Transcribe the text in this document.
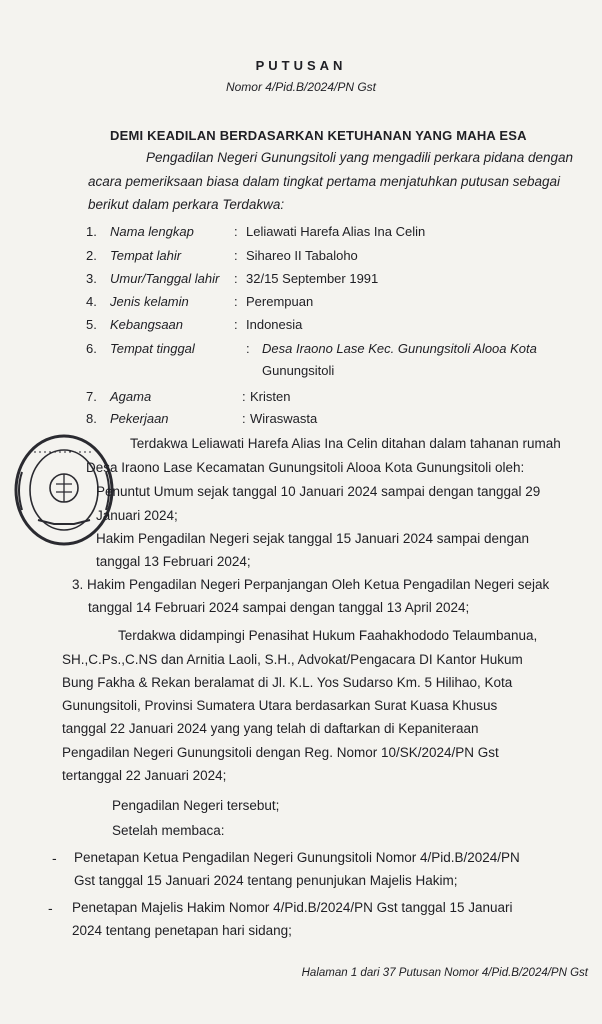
PUTUSAN
Nomor 4/Pid.B/2024/PN Gst
DEMI KEADILAN BERDASARKAN KETUHANAN YANG MAHA ESA
Pengadilan Negeri Gunungsitoli yang mengadili perkara pidana dengan
acara pemeriksaan biasa dalam tingkat pertama menjatuhkan putusan sebagai
berikut dalam perkara Terdakwa:
1.	Nama lengkap	: Leliawati Harefa Alias Ina Celin
2.	Tempat lahir	: Sihareo II Tabaloho
3.	Umur/Tanggal lahir : 32/15 September 1991
4.	Jenis kelamin	: Perempuan
5.	Kebangsaan	: Indonesia
6.	Tempat tinggal	: Desa Iraono Lase Kec. Gunungsitoli Alooa Kota
Gunungsitoli
7.	Agama	: Kristen
8.	Pekerjaan	: Wiraswasta
Terdakwa Leliawati Harefa Alias Ina Celin ditahan dalam tahanan rumah
Desa Iraono Lase Kecamatan Gunungsitoli Alooa Kota Gunungsitoli oleh:
Penuntut Umum sejak tanggal 10 Januari 2024 sampai dengan tanggal 29
Januari 2024;
Hakim Pengadilan Negeri sejak tanggal 15 Januari 2024 sampai dengan
tanggal 13 Februari 2024;
3. Hakim Pengadilan Negeri Perpanjangan Oleh Ketua Pengadilan Negeri sejak
tanggal 14 Februari 2024 sampai dengan tanggal 13 April 2024;
Terdakwa didampingi Penasihat Hukum Faahakhododo Telaumbanua,
SH.,C.Ps.,C.NS dan Arnitia Laoli, S.H., Advokat/Pengacara DI Kantor Hukum
Bung Fakha & Rekan beralamat di Jl. K.L. Yos Sudarso Km. 5 Hilihao, Kota
Gunungsitoli, Provinsi Sumatera Utara berdasarkan Surat Kuasa Khusus
tanggal 22 Januari 2024 yang yang telah di daftarkan di Kepaniteraan
Pengadilan Negeri Gunungsitoli dengan Reg. Nomor 10/SK/2024/PN Gst
tertanggal 22 Januari 2024;
Pengadilan Negeri tersebut;
Setelah membaca:
- Penetapan Ketua Pengadilan Negeri Gunungsitoli Nomor 4/Pid.B/2024/PN
Gst tanggal 15 Januari 2024 tentang penunjukan Majelis Hakim;
- Penetapan Majelis Hakim Nomor 4/Pid.B/2024/PN Gst tanggal 15 Januari
2024 tentang penetapan hari sidang;
Halaman 1 dari 37 Putusan Nomor 4/Pid.B/2024/PN Gst
